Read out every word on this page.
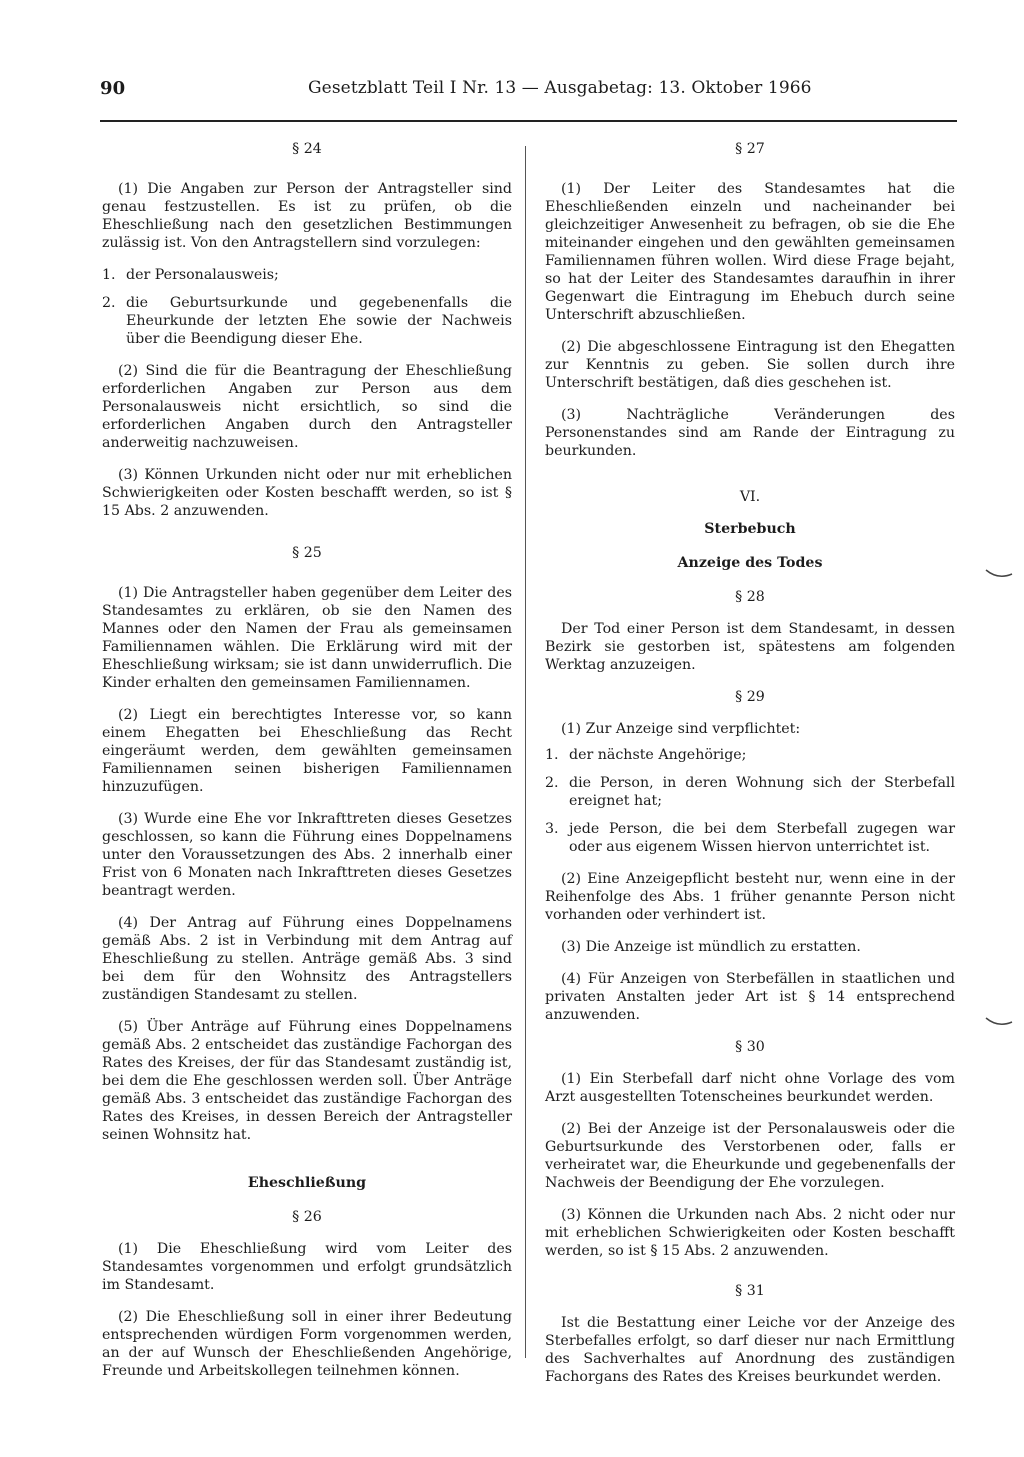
90	Gesetzblatt Teil I Nr. 13 — Ausgabetag: 13. Oktober 1966
§ 24

(1) Die Angaben zur Person der Antragsteller sind genau festzustellen. Es ist zu prüfen, ob die Eheschließung nach den gesetzlichen Bestimmungen zulässig ist. Von den Antragstellern sind vorzulegen:

1. der Personalausweis;
2. die Geburtsurkunde und gegebenenfalls die Eheurkunde der letzten Ehe sowie der Nachweis über die Beendigung dieser Ehe.

(2) Sind die für die Beantragung der Eheschließung erforderlichen Angaben zur Person aus dem Personalausweis nicht ersichtlich, so sind die erforderlichen Angaben durch den Antragsteller anderweitig nachzuweisen.

(3) Können Urkunden nicht oder nur mit erheblichen Schwierigkeiten oder Kosten beschafft werden, so ist § 15 Abs. 2 anzuwenden.

§ 25

(1) Die Antragsteller haben gegenüber dem Leiter des Standesamtes zu erklären, ob sie den Namen des Mannes oder den Namen der Frau als gemeinsamen Familiennamen wählen. Die Erklärung wird mit der Eheschließung wirksam; sie ist dann unwiderruflich. Die Kinder erhalten den gemeinsamen Familiennamen.

(2) Liegt ein berechtigtes Interesse vor, so kann einem Ehegatten bei Eheschließung das Recht eingeräumt werden, dem gewählten gemeinsamen Familiennamen seinen bisherigen Familiennamen hinzuzufügen.

(3) Wurde eine Ehe vor Inkrafttreten dieses Gesetzes geschlossen, so kann die Führung eines Doppelnamens unter den Voraussetzungen des Abs. 2 innerhalb einer Frist von 6 Monaten nach Inkrafttreten dieses Gesetzes beantragt werden.

(4) Der Antrag auf Führung eines Doppelnamens gemäß Abs. 2 ist in Verbindung mit dem Antrag auf Eheschließung zu stellen. Anträge gemäß Abs. 3 sind bei dem für den Wohnsitz des Antragstellers zuständigen Standesamt zu stellen.

(5) Über Anträge auf Führung eines Doppelnamens gemäß Abs. 2 entscheidet das zuständige Fachorgan des Rates des Kreises, der für das Standesamt zuständig ist, bei dem die Ehe geschlossen werden soll. Über Anträge gemäß Abs. 3 entscheidet das zuständige Fachorgan des Rates des Kreises, in dessen Bereich der Antragsteller seinen Wohnsitz hat.

Eheschließung
§ 26

(1) Die Eheschließung wird vom Leiter des Standesamtes vorgenommen und erfolgt grundsätzlich im Standesamt.

(2) Die Eheschließung soll in einer ihrer Bedeutung entsprechenden würdigen Form vorgenommen werden, an der auf Wunsch der Eheschließenden Angehörige, Freunde und Arbeitskollegen teilnehmen können.

§ 27

(1) Der Leiter des Standesamtes hat die Eheschließenden einzeln und nacheinander bei gleichzeitiger Anwesenheit zu befragen, ob sie die Ehe miteinander eingehen und den gewählten gemeinsamen Familiennamen führen wollen. Wird diese Frage bejaht, so hat der Leiter des Standesamtes daraufhin in ihrer Gegenwart die Eintragung im Ehebuch durch seine Unterschrift abzuschließen.

(2) Die abgeschlossene Eintragung ist den Ehegatten zur Kenntnis zu geben. Sie sollen durch ihre Unterschrift bestätigen, daß dies geschehen ist.

(3) Nachträgliche Veränderungen des Personenstandes sind am Rande der Eintragung zu beurkunden.

VI.
Sterbebuch
Anzeige des Todes
§ 28

Der Tod einer Person ist dem Standesamt, in dessen Bezirk sie gestorben ist, spätestens am folgenden Werktag anzuzeigen.

§ 29

(1) Zur Anzeige sind verpflichtet:

1. der nächste Angehörige;
2. die Person, in deren Wohnung sich der Sterbefall ereignet hat;
3. jede Person, die bei dem Sterbefall zugegen war oder aus eigenem Wissen hiervon unterrichtet ist.

(2) Eine Anzeigepflicht besteht nur, wenn eine in der Reihenfolge des Abs. 1 früher genannte Person nicht vorhanden oder verhindert ist.

(3) Die Anzeige ist mündlich zu erstatten.

(4) Für Anzeigen von Sterbefällen in staatlichen und privaten Anstalten jeder Art ist § 14 entsprechend anzuwenden.

§ 30

(1) Ein Sterbefall darf nicht ohne Vorlage des vom Arzt ausgestellten Totenscheines beurkundet werden.

(2) Bei der Anzeige ist der Personalausweis oder die Geburtsurkunde des Verstorbenen oder, falls er verheiratet war, die Eheurkunde und gegebenenfalls der Nachweis der Beendigung der Ehe vorzulegen.

(3) Können die Urkunden nach Abs. 2 nicht oder nur mit erheblichen Schwierigkeiten oder Kosten beschafft werden, so ist § 15 Abs. 2 anzuwenden.

§ 31

Ist die Bestattung einer Leiche vor der Anzeige des Sterbefalles erfolgt, so darf dieser nur nach Ermittlung des Sachverhaltes auf Anordnung des zuständigen Fachorgans des Rates des Kreises beurkundet werden.
